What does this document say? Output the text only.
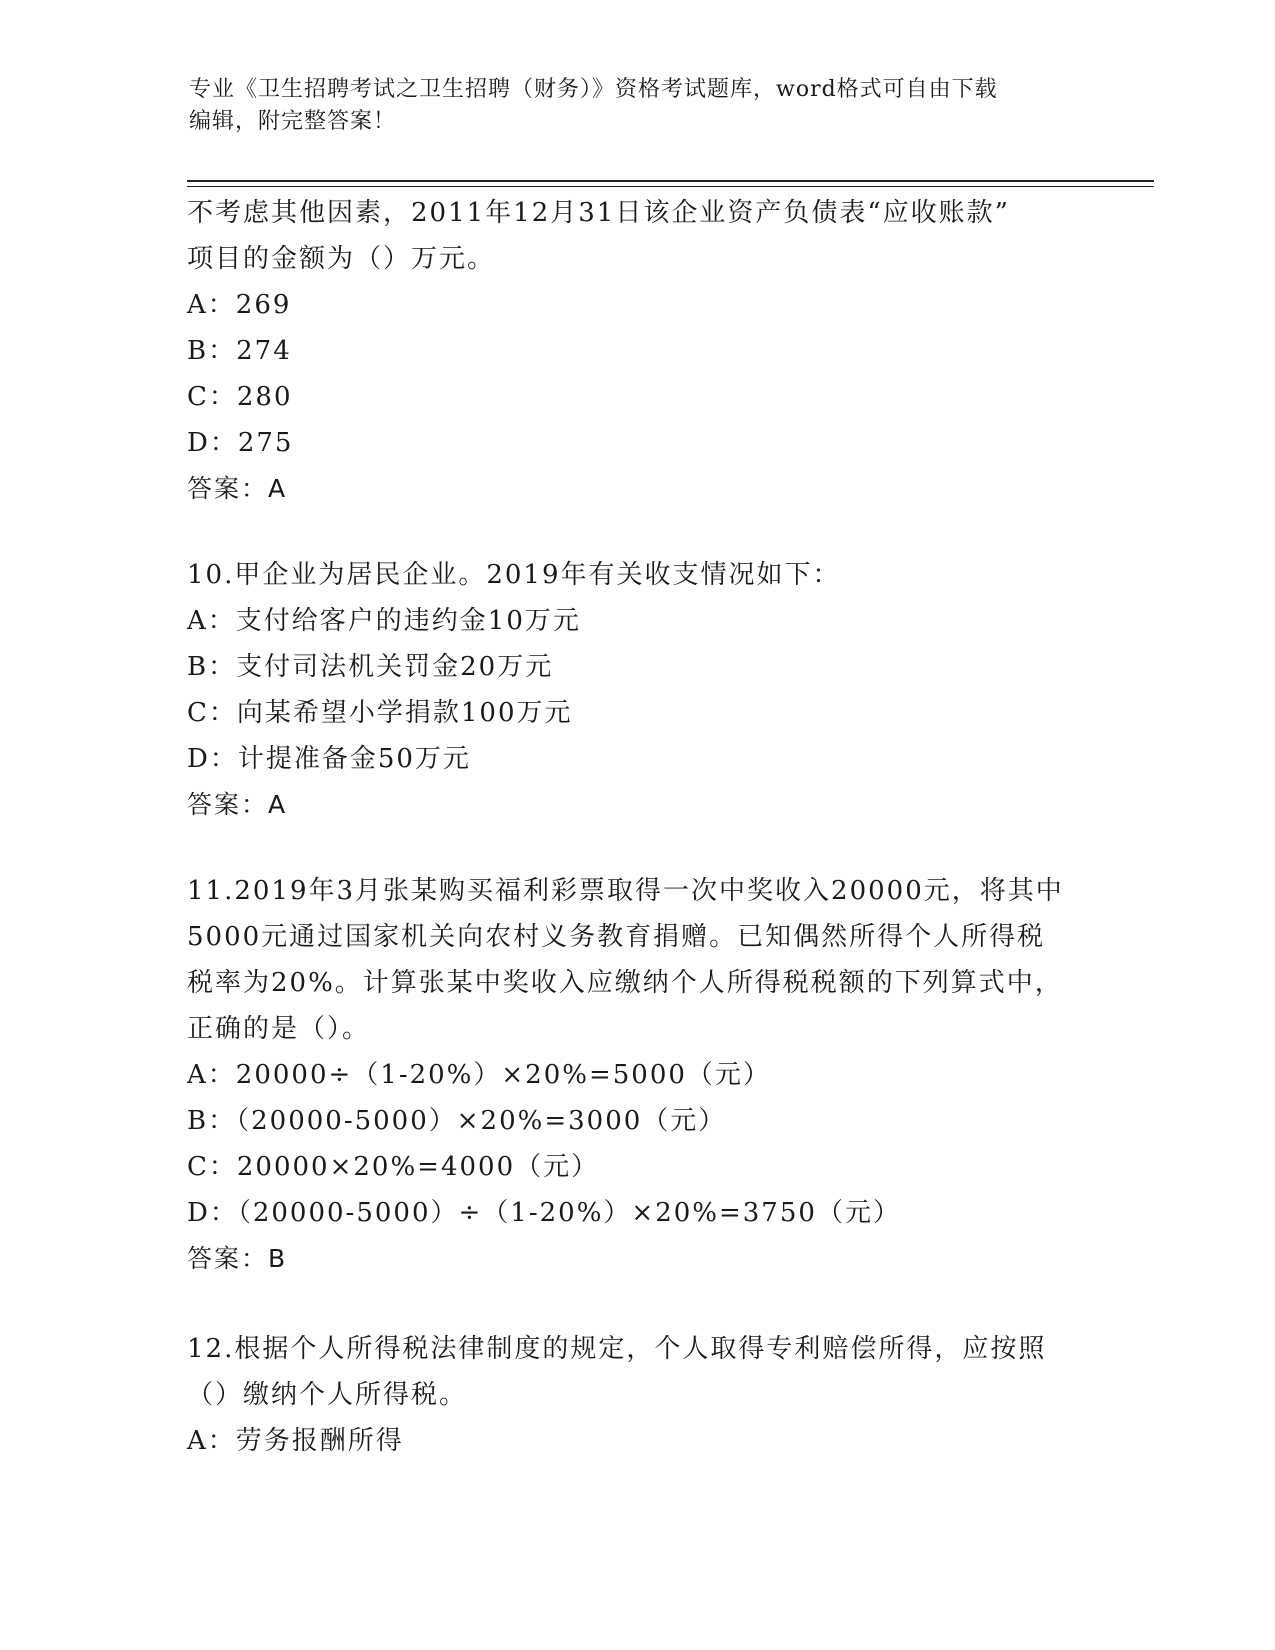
专业《卫生招聘考试之卫生招聘（财务）》资格考试题库，word格式可自由下载
编辑，附完整答案！
不考虑其他因素，2011年12月31日该企业资产负债表“应收账款”
项目的金额为（）万元。
A：269
B：274
C：280
D：275
答案：A
10.甲企业为居民企业。2019年有关收支情况如下：
A：支付给客户的违约金10万元
B：支付司法机关罚金20万元
C：向某希望小学捐款100万元
D：计提准备金50万元
答案：A
11.2019年3月张某购买福利彩票取得一次中奖收入20000元，将其中
5000元通过国家机关向农村义务教育捐赠。已知偶然所得个人所得税
税率为20%。计算张某中奖收入应缴纳个人所得税税额的下列算式中，
正确的是（）。
A：20000÷（1-20%）×20%=5000（元）
B：（20000-5000）×20%=3000（元）
C：20000×20%=4000（元）
D：（20000-5000）÷（1-20%）×20%=3750（元）
答案：B
12.根据个人所得税法律制度的规定，个人取得专利赔偿所得，应按照
（）缴纳个人所得税。
A：劳务报酬所得
